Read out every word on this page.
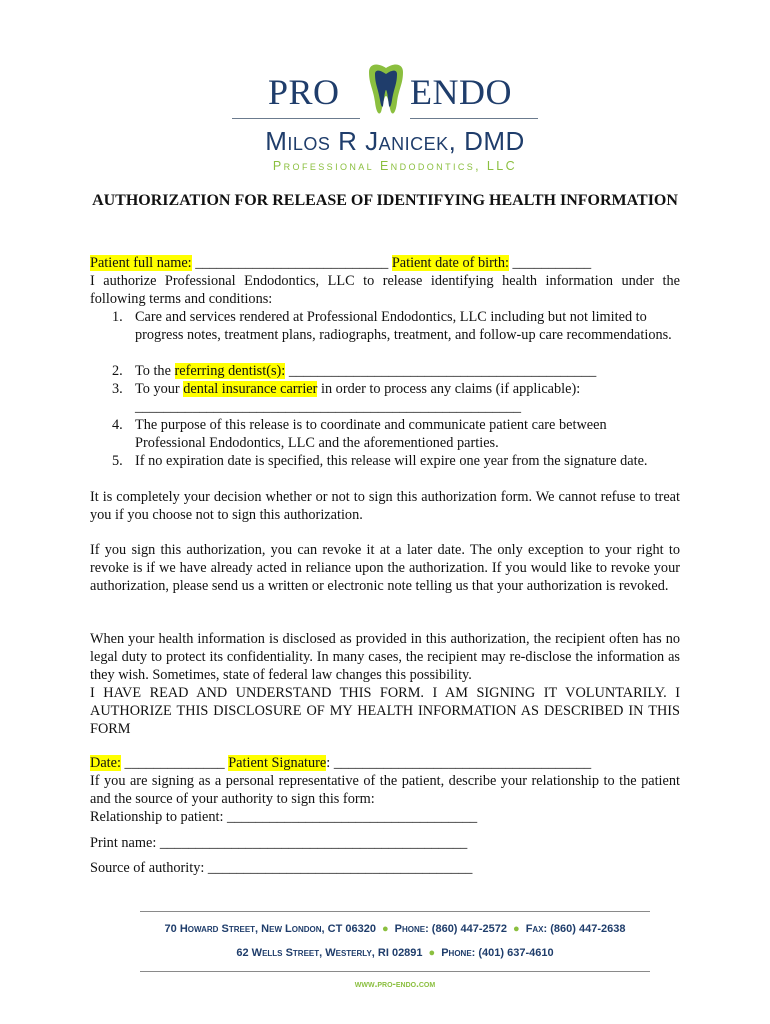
PRO ENDO
Milos R Janicek, DMD
Professional Endodontics, LLC
AUTHORIZATION FOR RELEASE OF IDENTIFYING HEALTH INFORMATION
Patient full name: ___________________________ Patient date of birth: ___________
I authorize Professional Endodontics, LLC to release identifying health information under the following terms and conditions:
1. Care and services rendered at Professional Endodontics, LLC including but not limited to progress notes, treatment plans, radiographs, treatment, and follow-up care recommendations.
2. To the referring dentist(s): ___________________________________________
3. To your dental insurance carrier in order to process any claims (if applicable):
______________________________________________________
4. The purpose of this release is to coordinate and communicate patient care between Professional Endodontics, LLC and the aforementioned parties.
5. If no expiration date is specified, this release will expire one year from the signature date.
It is completely your decision whether or not to sign this authorization form. We cannot refuse to treat you if you choose not to sign this authorization.
If you sign this authorization, you can revoke it at a later date. The only exception to your right to revoke is if we have already acted in reliance upon the authorization. If you would like to revoke your authorization, please send us a written or electronic note telling us that your authorization is revoked.
When your health information is disclosed as provided in this authorization, the recipient often has no legal duty to protect its confidentiality. In many cases, the recipient may re-disclose the information as they wish. Sometimes, state of federal law changes this possibility.
I HAVE READ AND UNDERSTAND THIS FORM. I AM SIGNING IT VOLUNTARILY. I AUTHORIZE THIS DISCLOSURE OF MY HEALTH INFORMATION AS DESCRIBED IN THIS FORM
Date: ______________ Patient Signature: ____________________________________
If you are signing as a personal representative of the patient, describe your relationship to the patient and the source of your authority to sign this form:
Relationship to patient: ___________________________________
Print name: ___________________________________________
Source of authority: _____________________________________
70 Howard Street, New London, CT 06320 ● Phone: (860) 447-2572 ● Fax: (860) 447-2638
62 Wells Street, Westerly, RI 02891 ● Phone: (401) 637-4610
www.pro-endo.com
